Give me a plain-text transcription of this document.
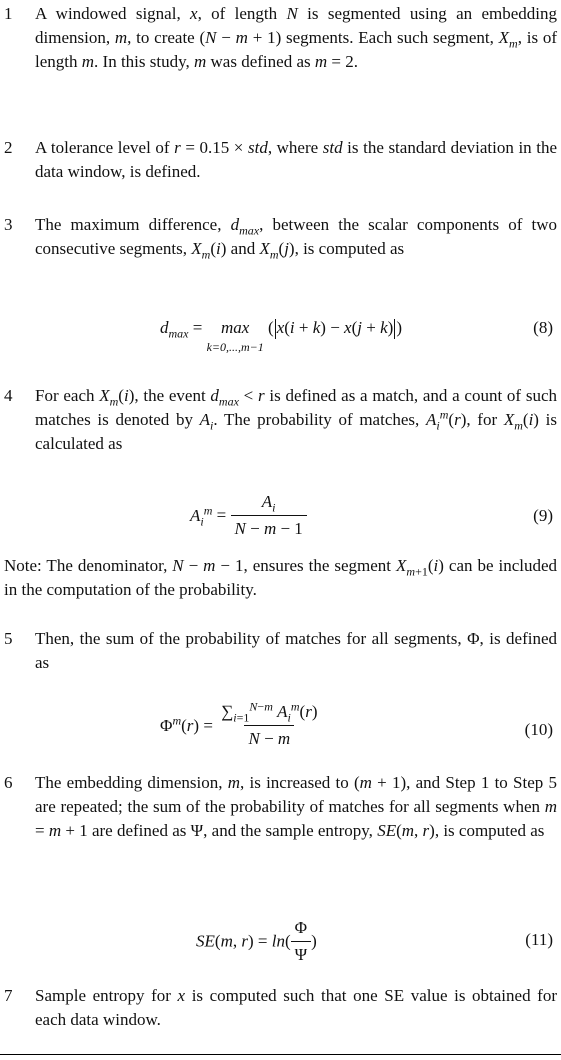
1 A windowed signal, x, of length N is segmented using an embedding dimension, m, to create (N − m + 1) segments. Each such segment, $X_m$, is of length m. In this study, m was defined as m = 2.
2 A tolerance level of r = 0.15 × std, where std is the standard deviation in the data window, is defined.
3 The maximum difference, $d_{max}$, between the scalar components of two consecutive segments, $X_m(i)$ and $X_m(j)$, is computed as
$d_{max} = \max$
k=0,...,m−1
( x(i + k) − x(j + k) )	(8)
4 For each $X_m(i)$, the event $d_{max} < r$ is defined as a match, and a count of such matches is denoted by $A_i$. The probability of matches, $A_i^m(r)$, for $X_m(i)$ is calculated as
$A_i^m = \frac{A_i}{N - m - 1}$	(9)
Note: The denominator, N − m − 1, ensures the segment $X_{m+1}(i)$ can be included in the computation of the probability.
5 Then, the sum of the probability of matches for all segments, Φ, is defined as
$\Phi^m(r) = \frac{\sum_{i=1}^{N-m} A_i^m(r)}{N - m}$	(10)
6 The embedding dimension, m, is increased to (m + 1), and Step 1 to Step 5 are repeated; the sum of the probability of matches for all segments when m = m + 1 are defined as Ψ, and the sample entropy, SE(m, r), is computed as
SE(m, $r) = \ln( \frac{\Phi}{\Psi}$ )	(11)
7 Sample entropy for x is computed such that one SE value is obtained for each data window.
